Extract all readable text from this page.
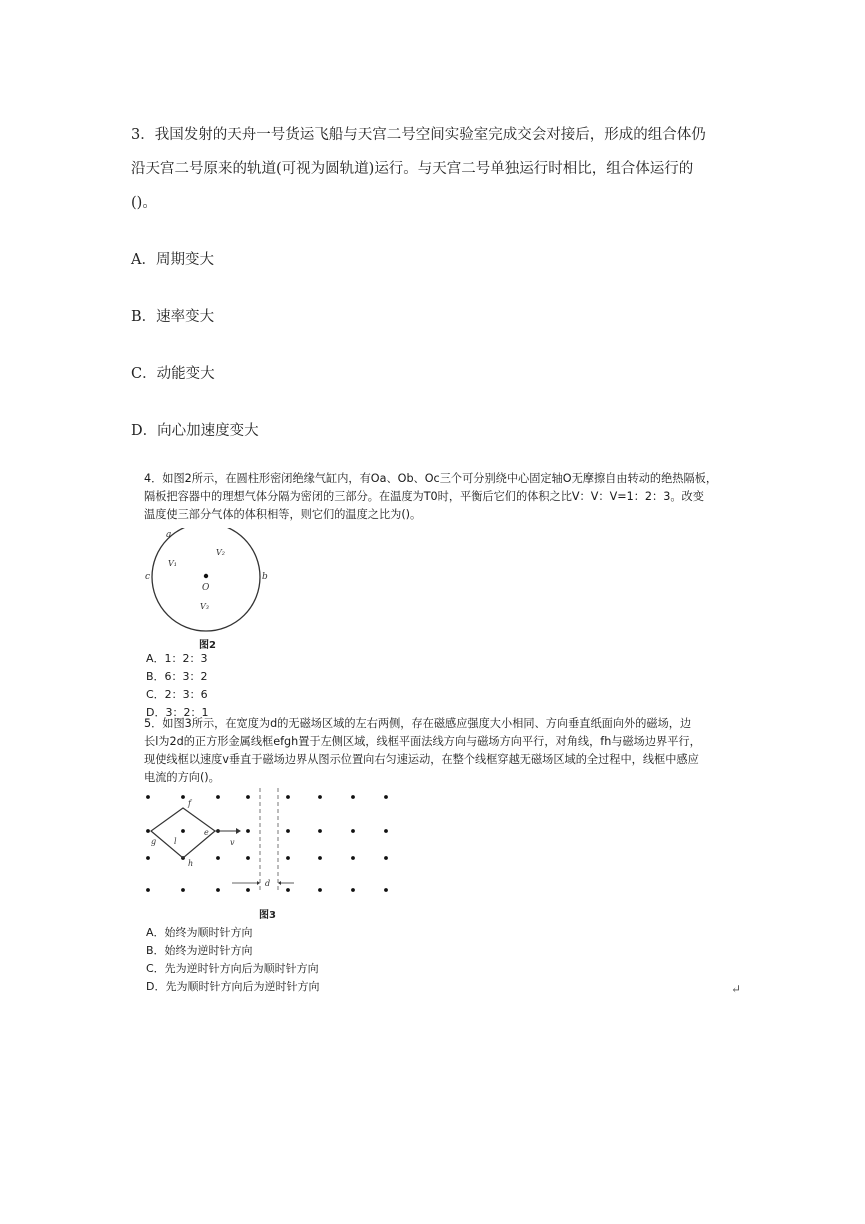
3．我国发射的天舟一号货运飞船与天宫二号空间实验室完成交会对接后，形成的组合体仍

沿天宫二号原来的轨道(可视为圆轨道)运行。与天宫二号单独运行时相比，组合体运行的

()。

A．周期变大
B．速率变大
C．动能变大
D．向心加速度变大

4．如图2所示，在圆柱形密闭绝缘气缸内，有Oa、Ob、Oc三个可分别绕中心固定轴O无摩擦自由转动的绝热隔板，

隔板把容器中的理想气体分隔为密闭的三部分。在温度为T0时，平衡后它们的体积之比V：V：V=1：2：3。改变

温度使三部分气体的体积相等，则它们的温度之比为()。

a
b
c
O
V₁
V₂
V₃
图2
A．1：2：3
B．6：3：2
C．2：3：6
D．3：2：1

5．如图3所示，在宽度为d的无磁场区域的左右两侧，存在磁感应强度大小相同、方向垂直纸面向外的磁场，边

长l为2d的正方形金属线框efgh置于左侧区域，线框平面法线方向与磁场方向平行，对角线，fh与磁场边界平行，

现使线框以速度v垂直于磁场边界从图示位置向右匀速运动，在整个线框穿越无磁场区域的全过程中，线框中感应

电流的方向()。

f
e
g
h
l	v
d
图3
A．始终为顺时针方向
B．始终为逆时针方向
C．先为逆时针方向后为顺时针方向
D．先为顺时针方向后为逆时针方向	↵
